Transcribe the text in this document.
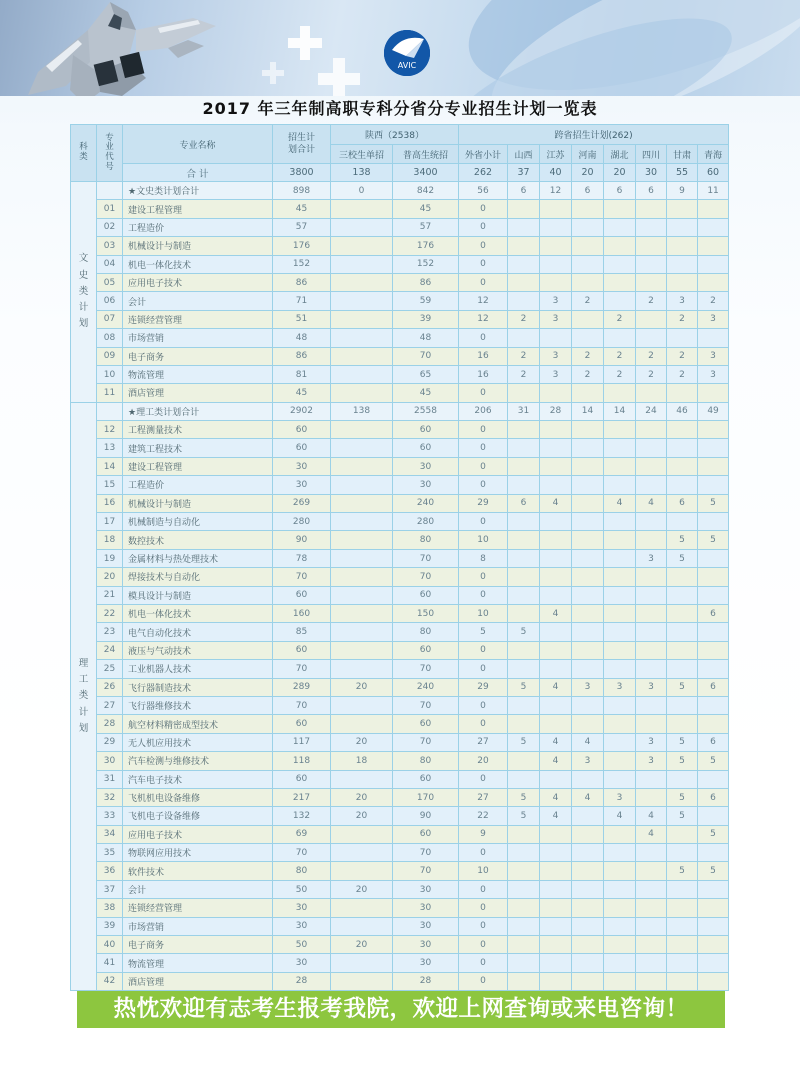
AVIC
2017 年三年制高职专科分省分专业招生计划一览表
科类	专业代号	专业名称	招生计划合计	陕西（2538）		跨省招生计划(262)							
				三校生单招	普高生统招	外省小计	山西	江苏	河南	湖北	四川	甘肃	青海
		合 计	3800	138	3400	262	37	40	20	20	30	55	60

文史类计划		★文史类计划合计	898	0	842	56	6	12	6	6	6	9	11
	01	建设工程管理	45		45	0							
	02	工程造价	57		57	0							
	03	机械设计与制造	176		176	0							
	04	机电一体化技术	152		152	0							
	05	应用电子技术	86		86	0							
	06	会计	71		59	12		3	2		2	3	2
	07	连锁经营管理	51		39	12	2	3		2		2	3
	08	市场营销	48		48	0							
	09	电子商务	86		70	16	2	3	2	2	2	2	3
	10	物流管理	81		65	16	2	3	2	2	2	2	3
	11	酒店管理	45		45	0							

理工类计划		★理工类计划合计	2902	138	2558	206	31	28	14	14	24	46	49
	12	工程测量技术	60		60	0							
	13	建筑工程技术	60		60	0							
	14	建设工程管理	30		30	0							
	15	工程造价	30		30	0							
	16	机械设计与制造	269		240	29	6	4		4	4	6	5
	17	机械制造与自动化	280		280	0							
	18	数控技术	90		80	10						5	5
	19	金属材料与热处理技术	78		70	8					3	5	
	20	焊接技术与自动化	70		70	0							
	21	模具设计与制造	60		60	0							
	22	机电一体化技术	160		150	10		4					6
	23	电气自动化技术	85		80	5	5						
	24	液压与气动技术	60		60	0							
	25	工业机器人技术	70		70	0							
	26	飞行器制造技术	289	20	240	29	5	4	3	3	3	5	6
	27	飞行器维修技术	70		70	0							
	28	航空材料精密成型技术	60		60	0							
	29	无人机应用技术	117	20	70	27	5	4	4		3	5	6
	30	汽车检测与维修技术	118	18	80	20		4	3		3	5	5
	31	汽车电子技术	60		60	0							
	32	飞机机电设备维修	217	20	170	27	5	4	4	3		5	6
	33	飞机电子设备维修	132	20	90	22	5	4		4	4	5	
	34	应用电子技术	69		60	9					4		5
	35	物联网应用技术	70		70	0							
	36	软件技术	80		70	10						5	5
	37	会计	50	20	30	0							
	38	连锁经营管理	30		30	0							
	39	市场营销	30		30	0							
	40	电子商务	50	20	30	0							
	41	物流管理	30		30	0							
	42	酒店管理	28		28	0							
热忱欢迎有志考生报考我院，欢迎上网查询或来电咨询！
